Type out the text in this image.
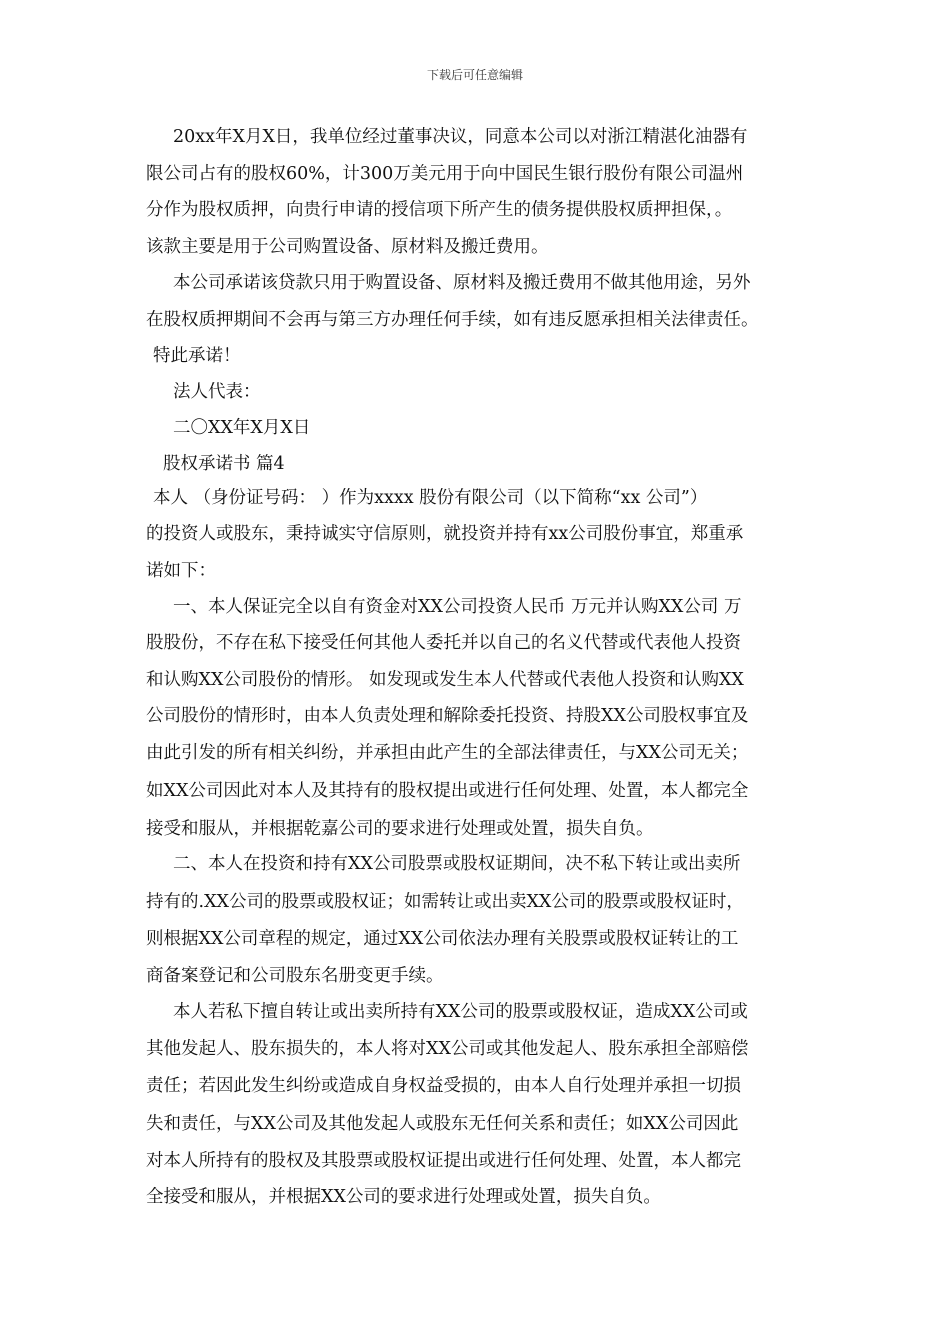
下载后可任意编辑
20xx年X月X日，我单位经过董事决议，同意本公司以对浙江精湛化油器有
限公司占有的股权60%，计300万美元用于向中国民生银行股份有限公司温州
分作为股权质押，向贵行申请的授信项下所产生的债务提供股权质押担保，。
该款主要是用于公司购置设备、原材料及搬迁费用。
本公司承诺该贷款只用于购置设备、原材料及搬迁费用不做其他用途，另外
在股权质押期间不会再与第三方办理任何手续，如有违反愿承担相关法律责任。
特此承诺！
法人代表：
二〇XX年X月X日
股权承诺书 篇4
本人 （身份证号码： ）作为xxxx 股份有限公司（以下简称“xx 公司”）
的投资人或股东，秉持诚实守信原则，就投资并持有xx公司股份事宜，郑重承
诺如下：
一、本人保证完全以自有资金对XX公司投资人民币 万元并认购XX公司 万
股股份，不存在私下接受任何其他人委托并以自己的名义代替或代表他人投资
和认购XX公司股份的情形。 如发现或发生本人代替或代表他人投资和认购XX
公司股份的情形时，由本人负责处理和解除委托投资、持股XX公司股权事宜及
由此引发的所有相关纠纷，并承担由此产生的全部法律责任，与XX公司无关；
如XX公司因此对本人及其持有的股权提出或进行任何处理、处置，本人都完全
接受和服从，并根据乾嘉公司的要求进行处理或处置，损失自负。
二、本人在投资和持有XX公司股票或股权证期间，决不私下转让或出卖所
持有的.XX公司的股票或股权证；如需转让或出卖XX公司的股票或股权证时，
则根据XX公司章程的规定，通过XX公司依法办理有关股票或股权证转让的工
商备案登记和公司股东名册变更手续。
本人若私下擅自转让或出卖所持有XX公司的股票或股权证，造成XX公司或
其他发起人、股东损失的，本人将对XX公司或其他发起人、股东承担全部赔偿
责任；若因此发生纠纷或造成自身权益受损的，由本人自行处理并承担一切损
失和责任，与XX公司及其他发起人或股东无任何关系和责任；如XX公司因此
对本人所持有的股权及其股票或股权证提出或进行任何处理、处置，本人都完
全接受和服从，并根据XX公司的要求进行处理或处置，损失自负。
